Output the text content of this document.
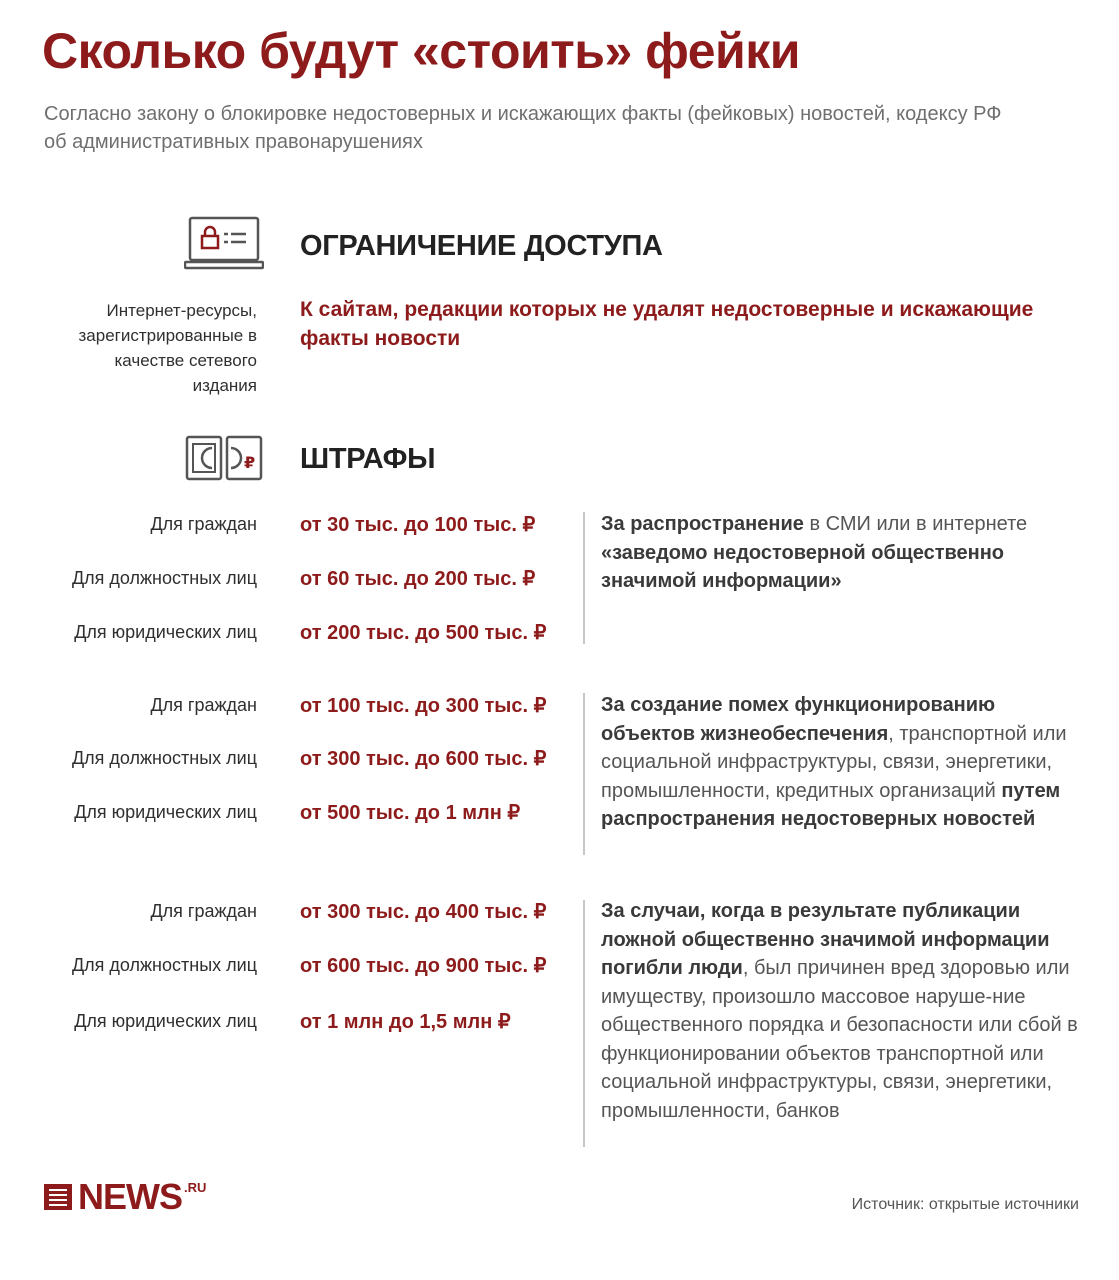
Сколько будут «стоить» фейки
Согласно закону о блокировке недостоверных и искажающих факты (фейковых) новостей, кодексу РФ об административных правонарушениях
ОГРАНИЧЕНИЕ ДОСТУПА
Интернет-ресурсы, зарегистрированные в качестве сетевого издания
К сайтам, редакции которых не удалят недостоверные и искажающие факты новости
₽ ШТРАФЫ
Для граждан от 30 тыс. до 100 тыс. ₽
Для должностных лиц от 60 тыс. до 200 тыс. ₽
Для юридических лиц от 200 тыс. до 500 тыс. ₽
За распространение в СМИ или в интернете «заведомо недостоверной общественно значимой информации»
Для граждан от 100 тыс. до 300 тыс. ₽
Для должностных лиц от 300 тыс. до 600 тыс. ₽
Для юридических лиц от 500 тыс. до 1 млн ₽
За создание помех функционированию объектов жизнеобеспечения, транспортной или социальной инфраструктуры, связи, энергетики, промышленности, кредитных организаций путем распространения недостоверных новостей
Для граждан от 300 тыс. до 400 тыс. ₽
Для должностных лиц от 600 тыс. до 900 тыс. ₽
Для юридических лиц от 1 млн до 1,5 млн ₽
За случаи, когда в результате публикации ложной общественно значимой информации погибли люди, был причинен вред здоровью или имуществу, произошло массовое наруше-ние общественного порядка и безопасности или сбой в функционировании объектов транспортной или социальной инфраструктуры, связи, энергетики, промышленности, банков
NEWS .RU
Источник: открытые источники
